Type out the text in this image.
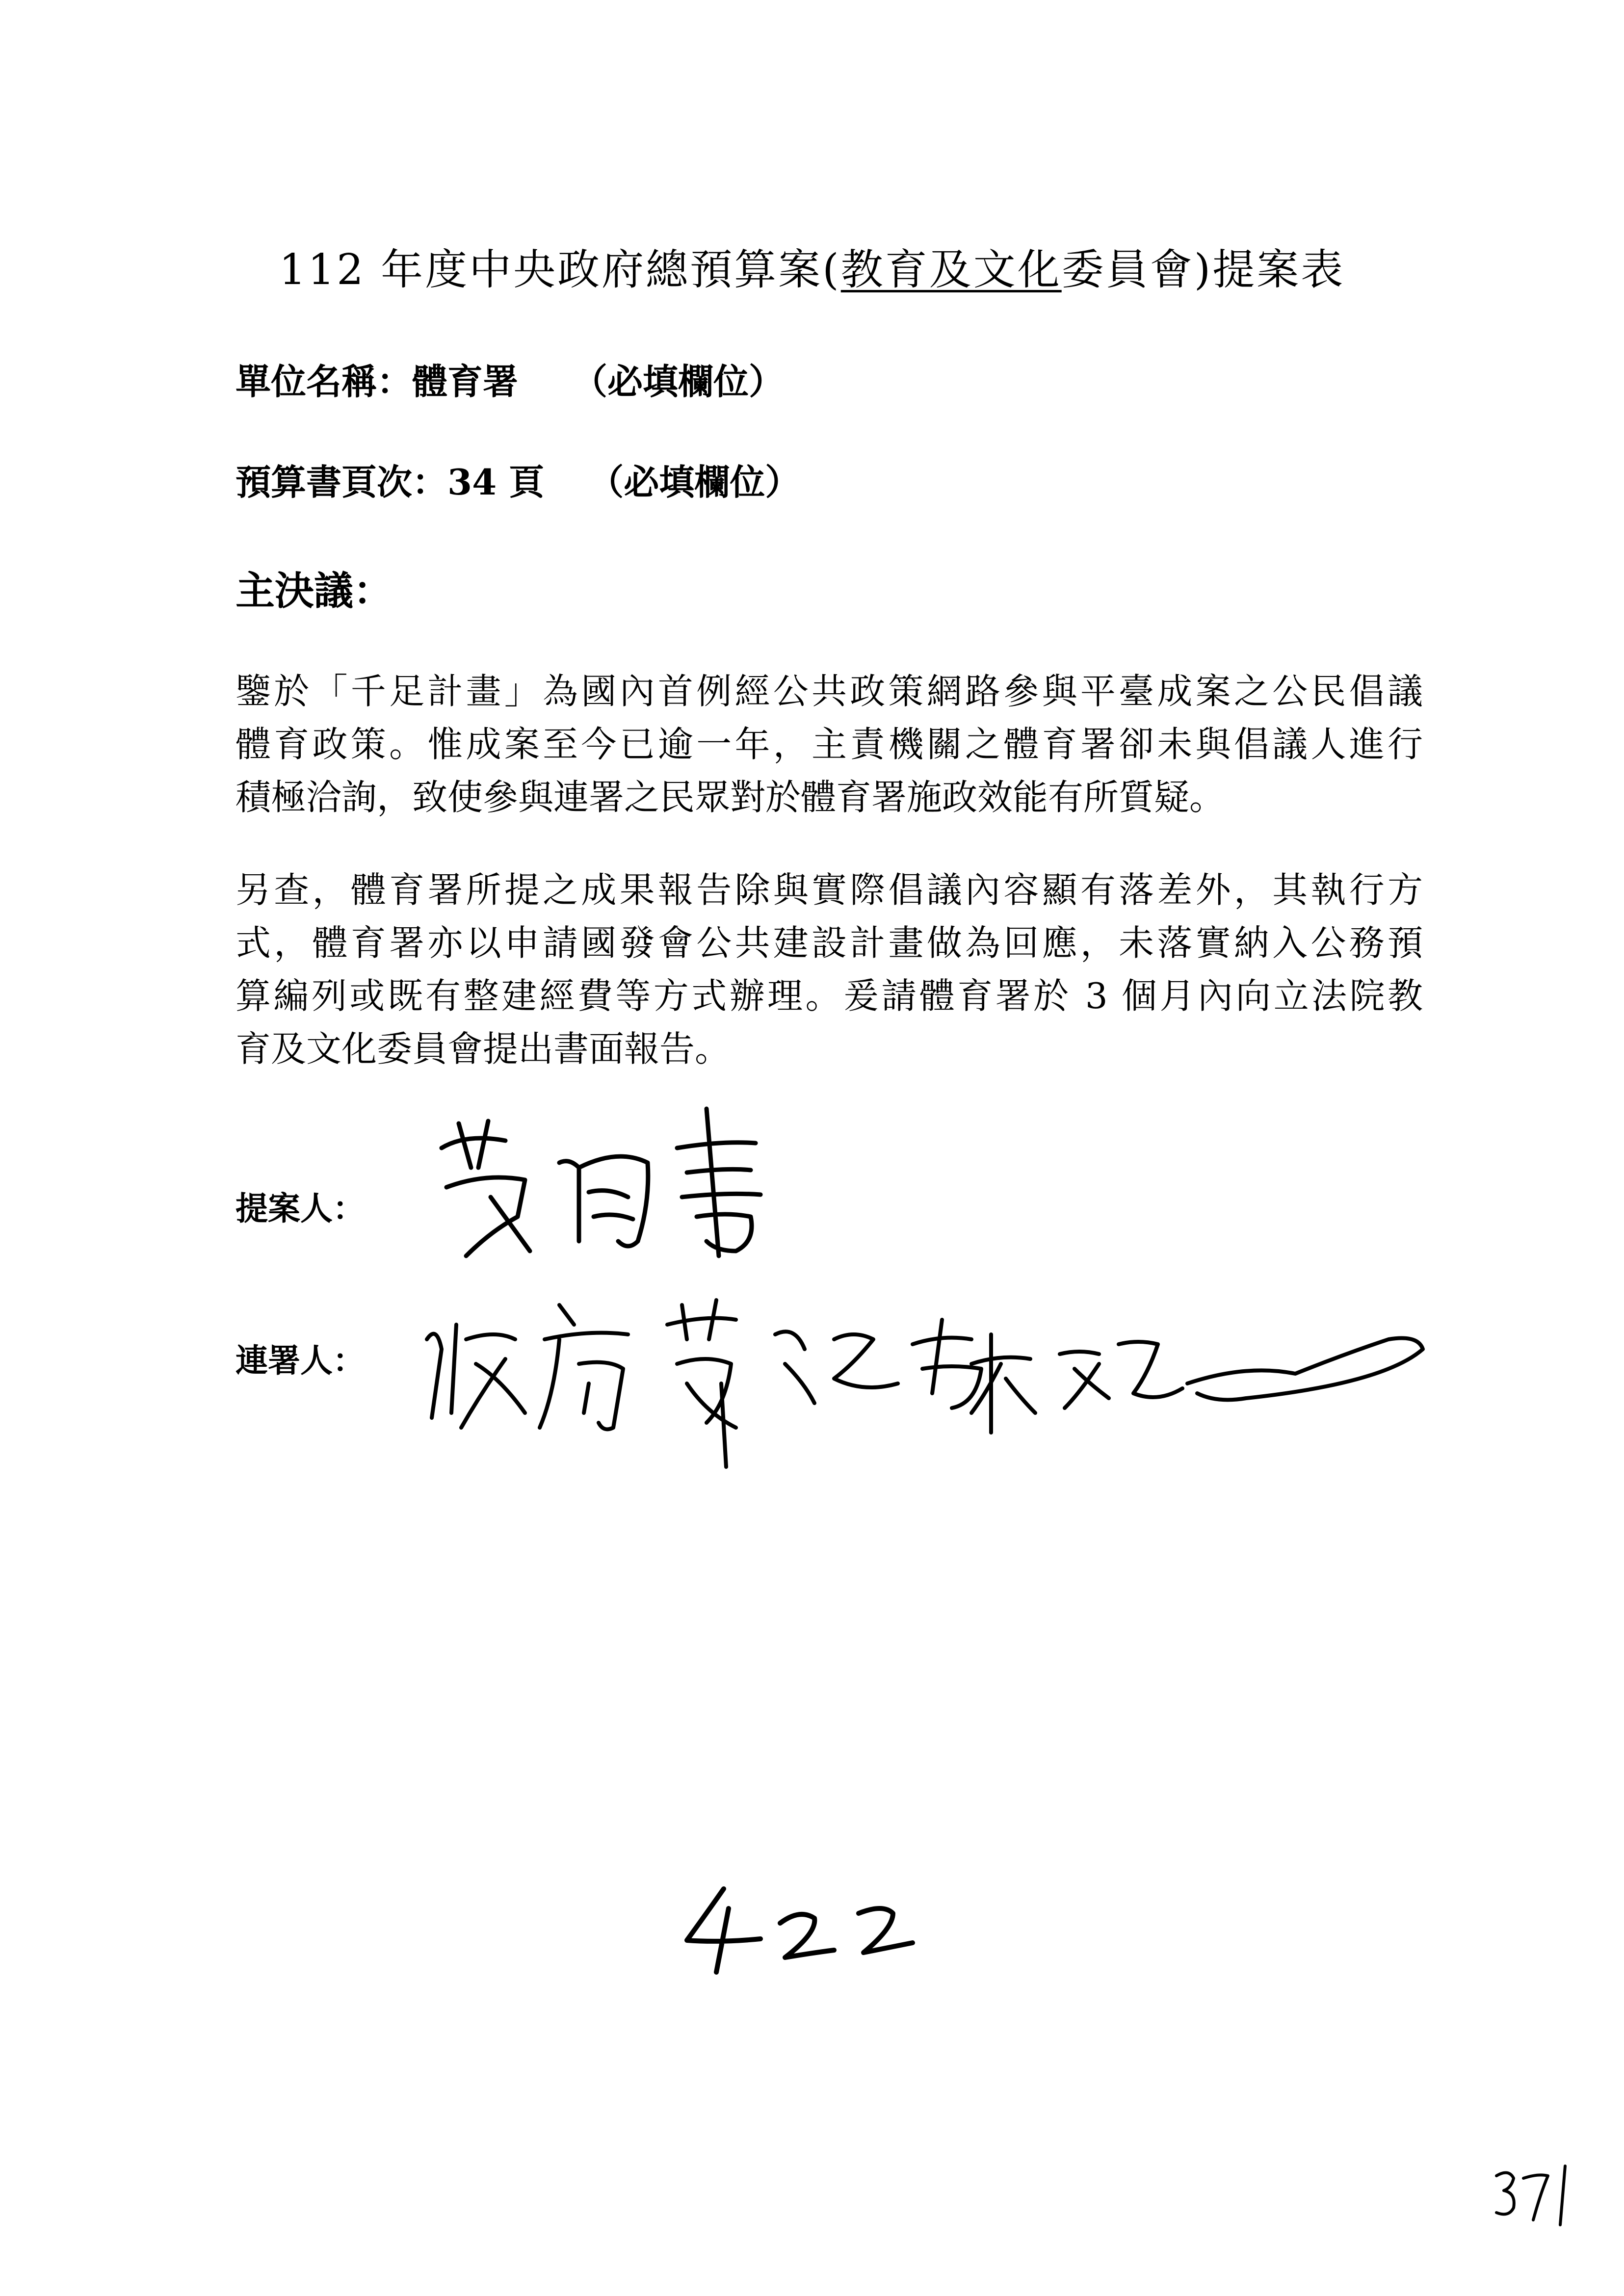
112 年度中央政府總預算案(教育及文化委員會)提案表
單位名稱：體育署 （必填欄位）
預算書頁次：34 頁 （必填欄位）
主決議：
鑒於「千足計畫」為國內首例經公共政策網路參與平臺成案之公民倡議
體育政策。惟成案至今已逾一年，主責機關之體育署卻未與倡議人進行
積極洽詢，致使參與連署之民眾對於體育署施政效能有所質疑。
另查，體育署所提之成果報告除與實際倡議內容顯有落差外，其執行方
式，體育署亦以申請國發會公共建設計畫做為回應，未落實納入公務預
算編列或既有整建經費等方式辦理。爰請體育署於 3 個月內向立法院教
育及文化委員會提出書面報告。
提案人：
連署人：
